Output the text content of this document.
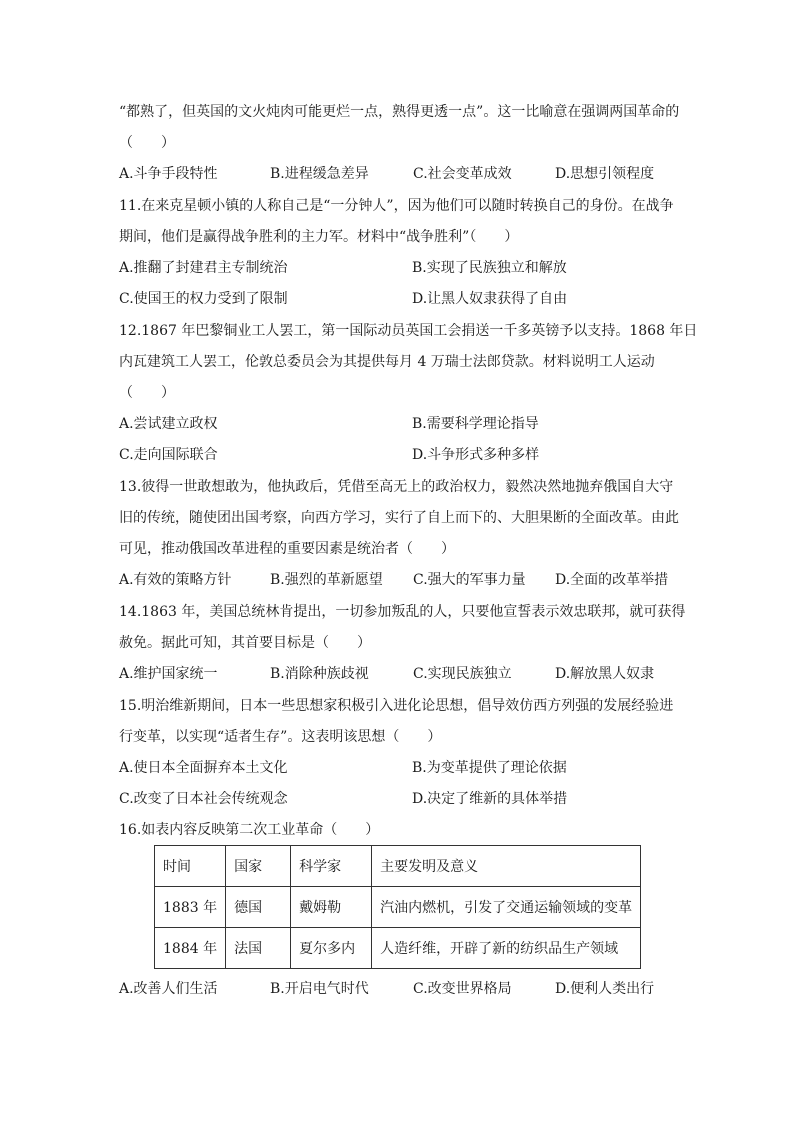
“都熟了，但英国的文火炖肉可能更烂一点，熟得更透一点”。这一比喻意在强调两国革命的
（　　）
A.斗争手段特性	B.进程缓急差异	C.社会变革成效	D.思想引领程度
11.在来克星顿小镇的人称自己是“一分钟人”，因为他们可以随时转换自己的身份。在战争
期间，他们是赢得战争胜利的主力军。材料中“战争胜利”（　　）
A.推翻了封建君主专制统治	B.实现了民族独立和解放
C.使国王的权力受到了限制	D.让黑人奴隶获得了自由
12.1867 年巴黎铜业工人罢工，第一国际动员英国工会捐送一千多英镑予以支持。1868 年日
内瓦建筑工人罢工，伦敦总委员会为其提供每月 4 万瑞士法郎贷款。材料说明工人运动
（　　）
A.尝试建立政权	B.需要科学理论指导
C.走向国际联合	D.斗争形式多种多样
13.彼得一世敢想敢为，他执政后，凭借至高无上的政治权力，毅然决然地抛弃俄国自大守
旧的传统，随使团出国考察，向西方学习，实行了自上而下的、大胆果断的全面改革。由此
可见，推动俄国改革进程的重要因素是统治者（　　）
A.有效的策略方针	B.强烈的革新愿望 C.强大的军事力量 D.全面的改革举措
14.1863 年，美国总统林肯提出，一切参加叛乱的人，只要他宣誓表示效忠联邦，就可获得
赦免。据此可知，其首要目标是（　　）
A.维护国家统一	B.消除种族歧视	C.实现民族独立	D.解放黑人奴隶
15.明治维新期间，日本一些思想家积极引入进化论思想，倡导效仿西方列强的发展经验进
行变革，以实现“适者生存”。这表明该思想（　　）
A.使日本全面摒弃本土文化	B.为变革提供了理论依据
C.改变了日本社会传统观念	D.决定了维新的具体举措
16.如表内容反映第二次工业革命（　　）
时间	国家	科学家	主要发明及意义
1883 年	德国	戴姆勒	汽油内燃机，引发了交通运输领域的变革
1884 年	法国	夏尔多内	人造纤维，开辟了新的纺织品生产领域
A.改善人们生活	B.开启电气时代	C.改变世界格局	D.便利人类出行
